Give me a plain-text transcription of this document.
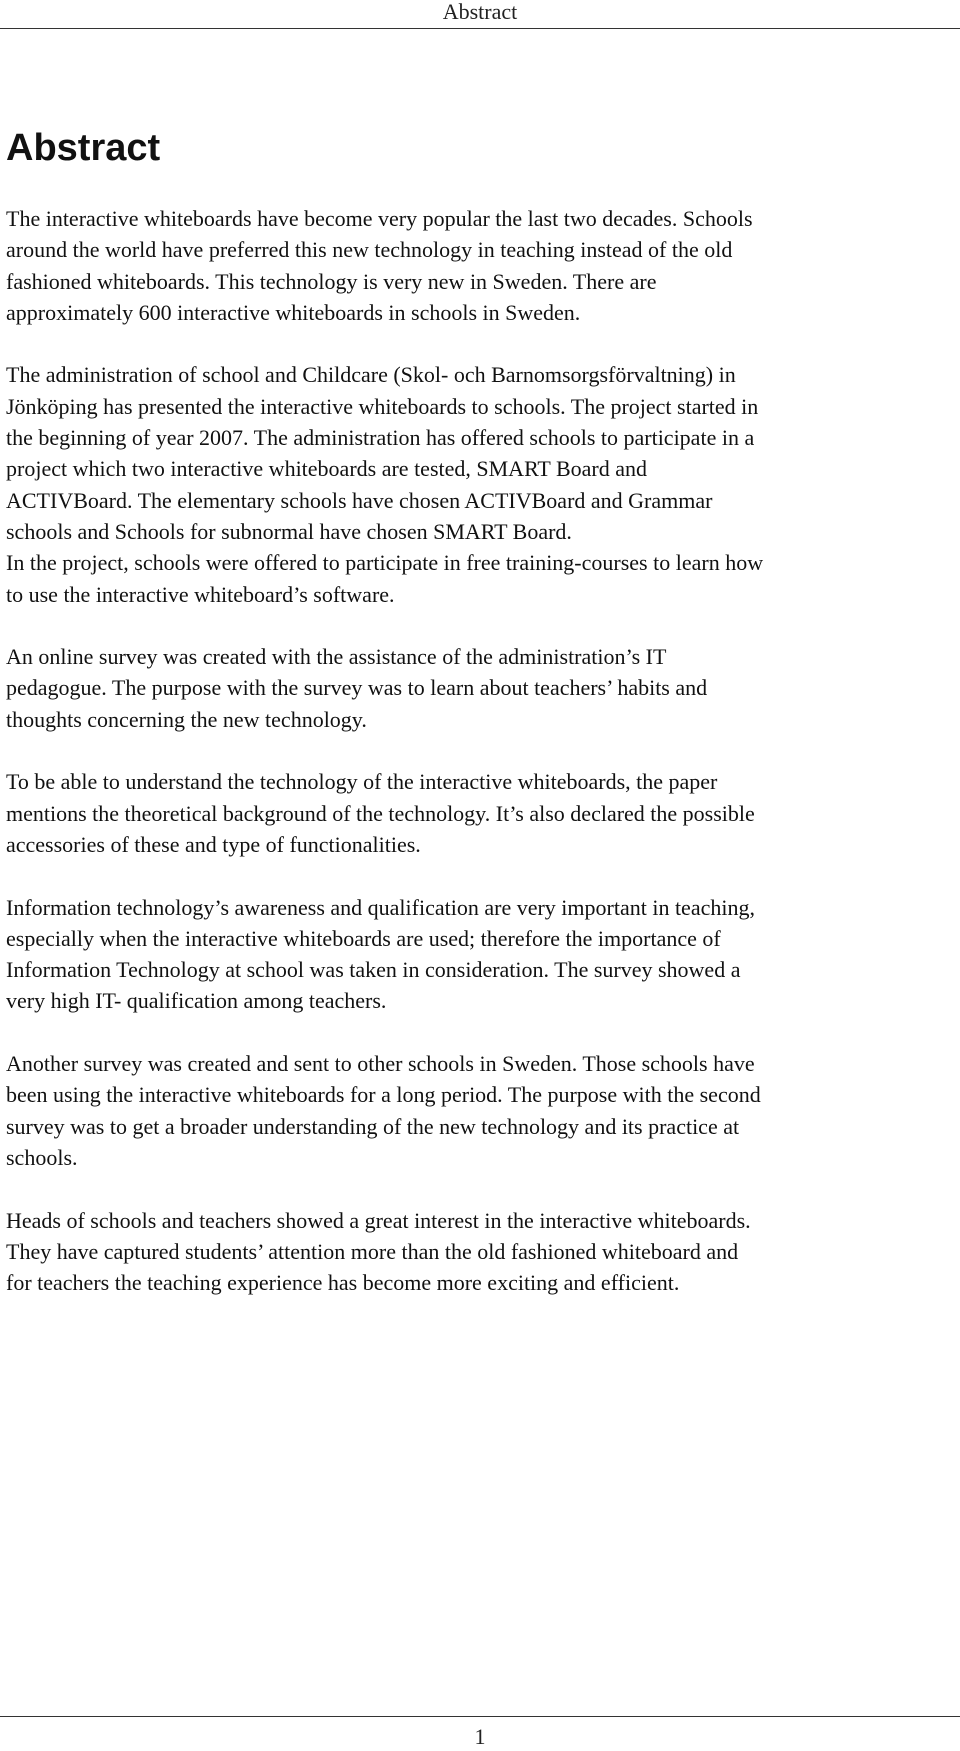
Abstract
Abstract

The interactive whiteboards have become very popular the last two decades. Schools
around the world have preferred this new technology in teaching instead of the old
fashioned whiteboards. This technology is very new in Sweden. There are
approximately 600 interactive whiteboards in schools in Sweden.

The administration of school and Childcare (Skol- och Barnomsorgsförvaltning) in
Jönköping has presented the interactive whiteboards to schools. The project started in
the beginning of year 2007. The administration has offered schools to participate in a
project which two interactive whiteboards are tested, SMART Board and
ACTIVBoard. The elementary schools have chosen ACTIVBoard and Grammar
schools and Schools for subnormal have chosen SMART Board.

In the project, schools were offered to participate in free training-courses to learn how
to use the interactive whiteboard’s software.

An online survey was created with the assistance of the administration’s IT
pedagogue. The purpose with the survey was to learn about teachers’ habits and
thoughts concerning the new technology.

To be able to understand the technology of the interactive whiteboards, the paper
mentions the theoretical background of the technology. It’s also declared the possible
accessories of these and type of functionalities.

Information technology’s awareness and qualification are very important in teaching,
especially when the interactive whiteboards are used; therefore the importance of
Information Technology at school was taken in consideration. The survey showed a
very high IT- qualification among teachers.

Another survey was created and sent to other schools in Sweden. Those schools have
been using the interactive whiteboards for a long period. The purpose with the second
survey was to get a broader understanding of the new technology and its practice at
schools.

Heads of schools and teachers showed a great interest in the interactive whiteboards.
They have captured students’ attention more than the old fashioned whiteboard and
for teachers the teaching experience has become more exciting and efficient.

1
